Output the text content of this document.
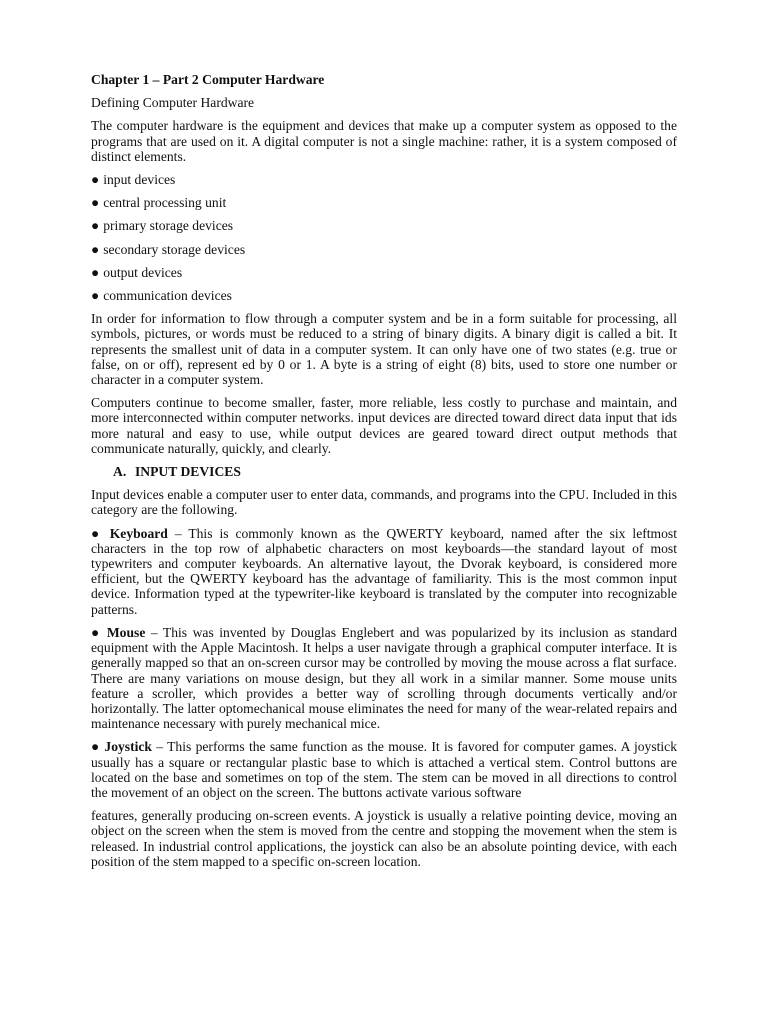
Chapter 1 – Part 2 Computer Hardware

Defining Computer Hardware

The computer hardware is the equipment and devices that make up a computer system as opposed to the programs that are used on it. A digital computer is not a single machine: rather, it is a system composed of distinct elements.

● input devices

● central processing unit

● primary storage devices

● secondary storage devices

● output devices

● communication devices

In order for information to flow through a computer system and be in a form suitable for processing, all symbols, pictures, or words must be reduced to a string of binary digits. A binary digit is called a bit. It represents the smallest unit of data in a computer system. It can only have one of two states (e.g. true or false, on or off), represent ed by 0 or 1. A byte is a string of eight (8) bits, used to store one number or character in a computer system.

Computers continue to become smaller, faster, more reliable, less costly to purchase and maintain, and more interconnected within computer networks. input devices are directed toward direct data input that ids more natural and easy to use, while output devices are geared toward direct output methods that communicate naturally, quickly, and clearly.

A. INPUT DEVICES

Input devices enable a computer user to enter data, commands, and programs into the CPU. Included in this category are the following.

● Keyboard – This is commonly known as the QWERTY keyboard, named after the six leftmost characters in the top row of alphabetic characters on most keyboards—the standard layout of most typewriters and computer keyboards. An alternative layout, the Dvorak keyboard, is considered more efficient, but the QWERTY keyboard has the advantage of familiarity. This is the most common input device. Information typed at the typewriter-like keyboard is translated by the computer into recognizable patterns.

● Mouse – This was invented by Douglas Englebert and was popularized by its inclusion as standard equipment with the Apple Macintosh. It helps a user navigate through a graphical computer interface. It is generally mapped so that an on-screen cursor may be controlled by moving the mouse across a flat surface. There are many variations on mouse design, but they all work in a similar manner. Some mouse units feature a scroller, which provides a better way of scrolling through documents vertically and/or horizontally. The latter optomechanical mouse eliminates the need for many of the wear-related repairs and maintenance necessary with purely mechanical mice.

● Joystick – This performs the same function as the mouse. It is favored for computer games. A joystick usually has a square or rectangular plastic base to which is attached a vertical stem. Control buttons are located on the base and sometimes on top of the stem. The stem can be moved in all directions to control the movement of an object on the screen. The buttons activate various software

features, generally producing on-screen events. A joystick is usually a relative pointing device, moving an object on the screen when the stem is moved from the centre and stopping the movement when the stem is released. In industrial control applications, the joystick can also be an absolute pointing device, with each position of the stem mapped to a specific on-screen location.
